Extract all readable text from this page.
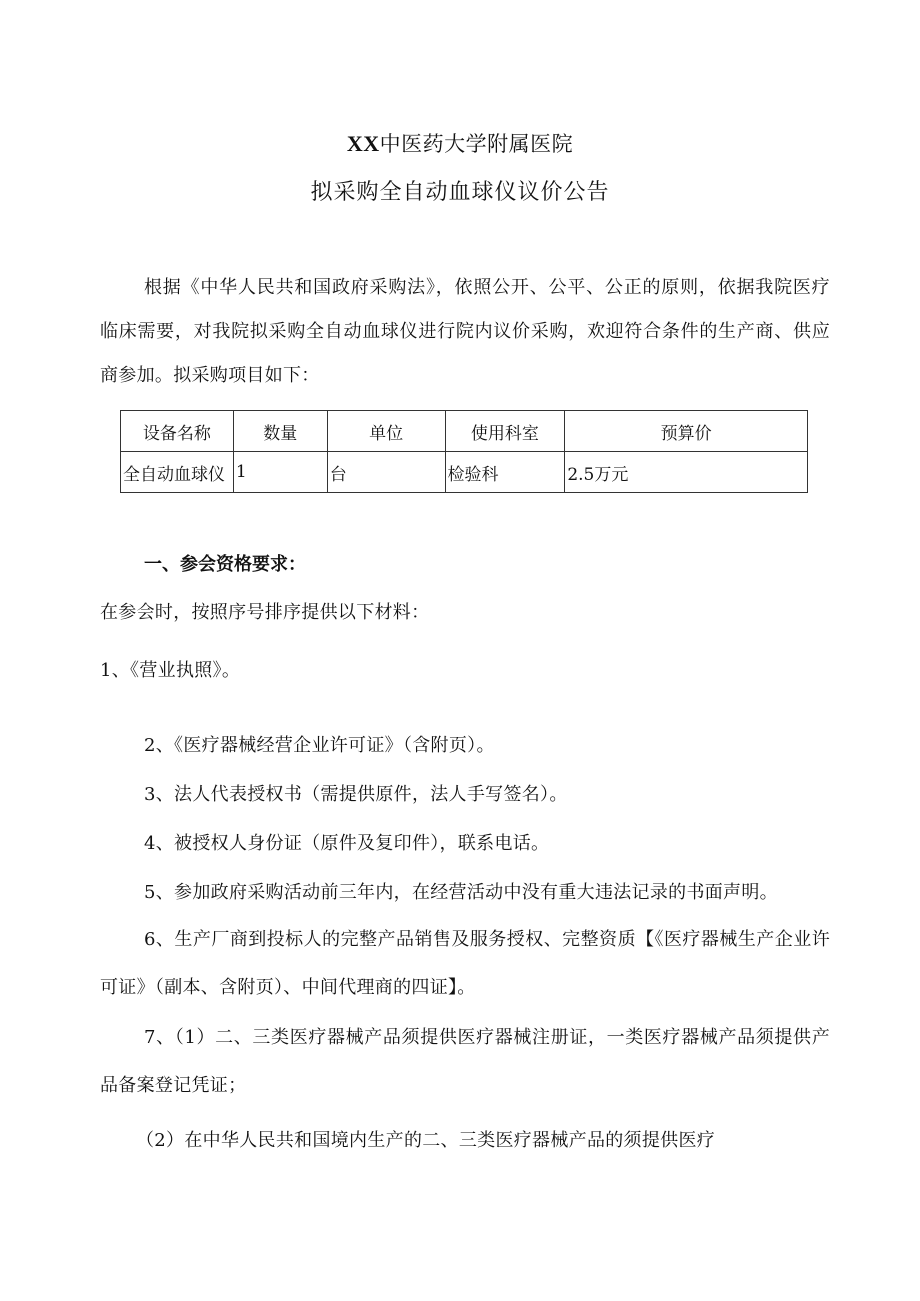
XX中医药大学附属医院
拟采购全自动血球仪议价公告
根据《中华人民共和国政府采购法》，依照公开、公平、公正的原则，依据我院医疗临床需要，对我院拟采购全自动血球仪进行院内议价采购，欢迎符合条件的生产商、供应商参加。拟采购项目如下：
设备名称	数量	单位	使用科室	预算价
全自动血球仪	1	台	检验科	2.5万元
一、参会资格要求：
在参会时，按照序号排序提供以下材料：
1、《营业执照》。
2、《医疗器械经营企业许可证》（含附页）。
3、法人代表授权书（需提供原件，法人手写签名）。
4、被授权人身份证（原件及复印件），联系电话。
5、参加政府采购活动前三年内，在经营活动中没有重大违法记录的书面声明。
6、生产厂商到投标人的完整产品销售及服务授权、完整资质【《医疗器械生产企业许可证》（副本、含附页）、中间代理商的四证】。
7、（1）二、三类医疗器械产品须提供医疗器械注册证，一类医疗器械产品须提供产品备案登记凭证；
（2）在中华人民共和国境内生产的二、三类医疗器械产品的须提供医疗
